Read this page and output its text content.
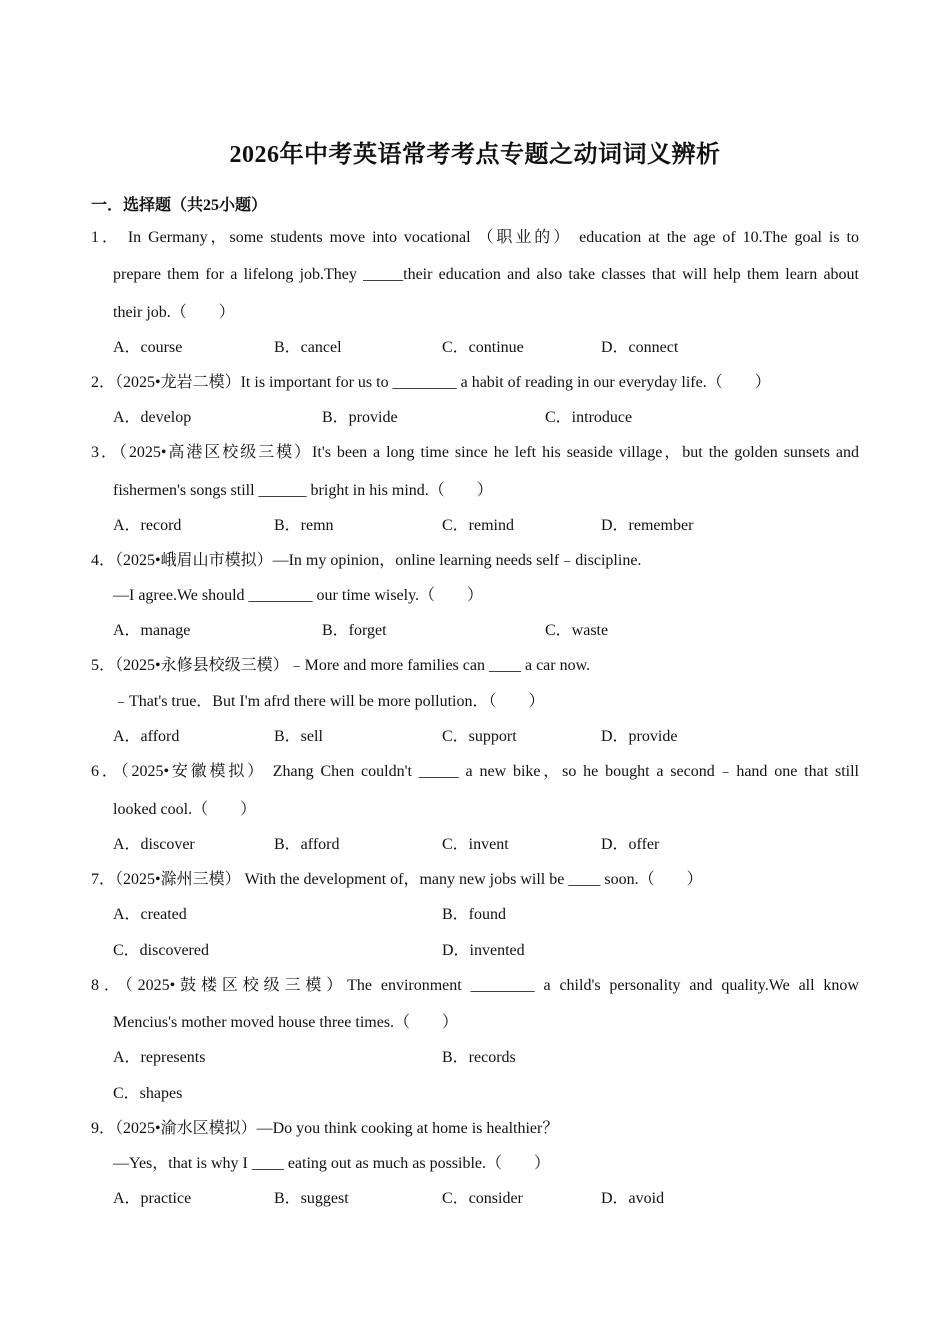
2026年中考英语常考考点专题之动词词义辨析
一．选择题（共25小题）
1． In Germany，some students move into vocational （职业的） education at the age of 10.The goal is to
prepare them for a lifelong job.They _____their education and also take classes that will help them learn about
their job.（　　）
A．course	B．cancel	C．continue	D．connect
2．（2025•龙岩二模）It is important for us to ________ a habit of reading in our everyday life.（　　）
A．develop	B．provide	C．introduce
3．（2025•高港区校级三模）It's been a long time since he left his seaside village，but the golden sunsets and
fishermen's songs still ______ bright in his mind.（　　）
A．record	B．remn	C．remind	D．remember
4．（2025•峨眉山市模拟）—In my opinion，online learning needs self﹣discipline.
—I agree.We should ________ our time wisely.（　　）
A．manage	B．forget	C．waste
5．（2025•永修县校级三模）﹣More and more families can ____ a car now.
﹣That's true．But I'm afrd there will be more pollution．（　　）
A．afford	B．sell	C．support	D．provide
6．（2025•安徽模拟） Zhang Chen couldn't _____ a new bike，so he bought a second﹣hand one that still
looked cool.（　　）
A．discover	B．afford	C．invent	D．offer
7．（2025•滁州三模） With the development of，many new jobs will be ____ soon.（　　）
A．created	B．found
C．discovered	D．invented
8．（2025•鼓楼区校级三模）The environment ________ a child's personality and quality.We all know
Mencius's mother moved house three times.（　　）
A．represents	B．records
C．shapes
9．（2025•渝水区模拟）—Do you think cooking at home is healthier？
—Yes，that is why I ____ eating out as much as possible.（　　）
A．practice	B．suggest	C．consider	D．avoid
